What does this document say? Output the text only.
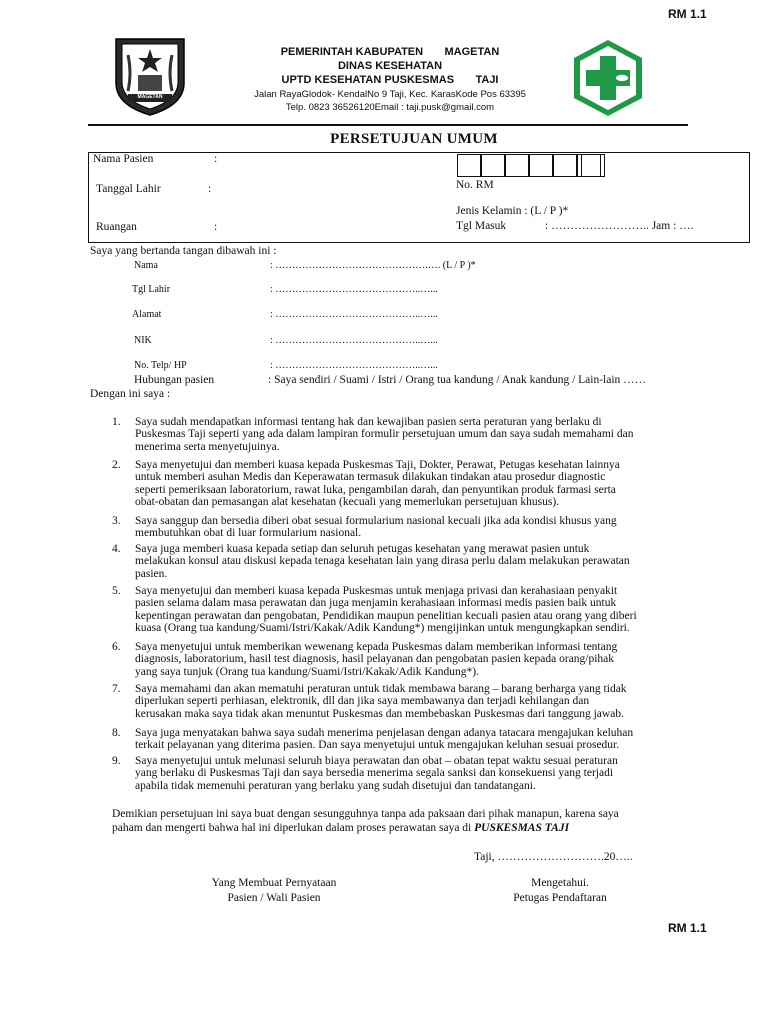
RM 1.1
MAGETAN
PEMERINTAH KABUPATEN MAGETAN
DINAS KESEHATAN
UPTD KESEHATAN PUSKESMAS TAJI
Jalan RayaGlodok- KendalNo 9 Taji, Kec. KarasKode Pos 63395
Telp. 0823 36526120Email : taji.pusk@gmail.com
PERSETUJUAN UMUM
Nama Pasien	:
Tanggal Lahir	:
Ruangan	:
No. RM
Jenis Kelamin : (L / P )*
Tgl Masuk	: …………………….. Jam : ….
Saya yang bertanda tangan dibawah ini :
Nama	: ……………………………………….…. (L / P )*
Tgl Lahir	: ……………………………………..…...
Alamat	: ……………………………………..…...
NIK	: ……………………………………..…...
No. Telp/ HP	: ……………………………………..…...
Hubungan pasien	: Saya sendiri / Suami / Istri / Orang tua kandung / Anak kandung / Lain-lain ……
Dengan ini saya :
1.	Saya sudah mendapatkan informasi tentang hak dan kewajiban pasien serta peraturan yang berlaku di
Puskesmas Taji seperti yang ada dalam lampiran formulir persetujuan umum dan saya sudah memahami dan
menerima serta menyetujuinya.
2.	Saya menyetujui dan memberi kuasa kepada Puskesmas Taji, Dokter, Perawat, Petugas kesehatan lainnya
untuk memberi asuhan Medis dan Keperawatan termasuk dilakukan tindakan atau prosedur diagnostic
seperti pemeriksaan laboratorium, rawat luka, pengambilan darah, dan penyuntikan produk farmasi serta
obat-obatan dan pemasangan alat kesehatan (kecuali yang memerlukan persetujuan khusus).
3.	Saya sanggup dan bersedia diberi obat sesuai formularium nasional kecuali jika ada kondisi khusus yang
membutuhkan obat di luar formularium nasional.
4.	Saya juga memberi kuasa kepada setiap dan seluruh petugas kesehatan yang merawat pasien untuk
melakukan konsul atau diskusi kepada tenaga kesehatan lain yang dirasa perlu dalam melakukan perawatan
pasien.
5.	Saya menyetujui dan memberi kuasa kepada Puskesmas untuk menjaga privasi dan kerahasiaan penyakit
pasien selama dalam masa perawatan dan juga menjamin kerahasiaan informasi medis pasien baik untuk
kepentingan perawatan dan pengobatan, Pendidikan maupun penelitian kecuali pasien atau orang yang diberi
kuasa (Orang tua kandung/Suami/Istri/Kakak/Adik Kandung*) mengijinkan untuk mengungkapkan sendiri.
6.	Saya menyetujui untuk memberikan wewenang kepada Puskesmas dalam memberikan informasi tentang
diagnosis, laboratorium, hasil test diagnosis, hasil pelayanan dan pengobatan pasien kepada orang/pihak
yang saya tunjuk (Orang tua kandung/Suami/Istri/Kakak/Adik Kandung*).
7.	Saya memahami dan akan mematuhi peraturan untuk tidak membawa barang – barang berharga yang tidak
diperlukan seperti perhiasan, elektronik, dll dan jika saya membawanya dan terjadi kehilangan dan
kerusakan maka saya tidak akan menuntut Puskesmas dan membebaskan Puskesmas dari tanggung jawab.
8.	Saya juga menyatakan bahwa saya sudah menerima penjelasan dengan adanya tatacara mengajukan keluhan
terkait pelayanan yang diterima pasien. Dan saya menyetujui untuk mengajukan keluhan sesuai prosedur.
9.	Saya menyetujui untuk melunasi seluruh biaya perawatan dan obat – obatan tepat waktu sesuai peraturan
yang berlaku di Puskesmas Taji dan saya bersedia menerima segala sanksi dan konsekuensi yang terjadi
apabila tidak memenuhi peraturan yang berlaku yang sudah disetujui dan tandatangani.
Demikian persetujuan ini saya buat dengan sesungguhnya tanpa ada paksaan dari pihak manapun, karena saya
paham dan mengerti bahwa hal ini diperlukan dalam proses perawatan saya di PUSKESMAS TAJI
Taji, ……………………….20…..
Yang Membuat Pernyataan
Pasien / Wali Pasien
Mengetahui.
Petugas Pendaftaran
RM 1.1
